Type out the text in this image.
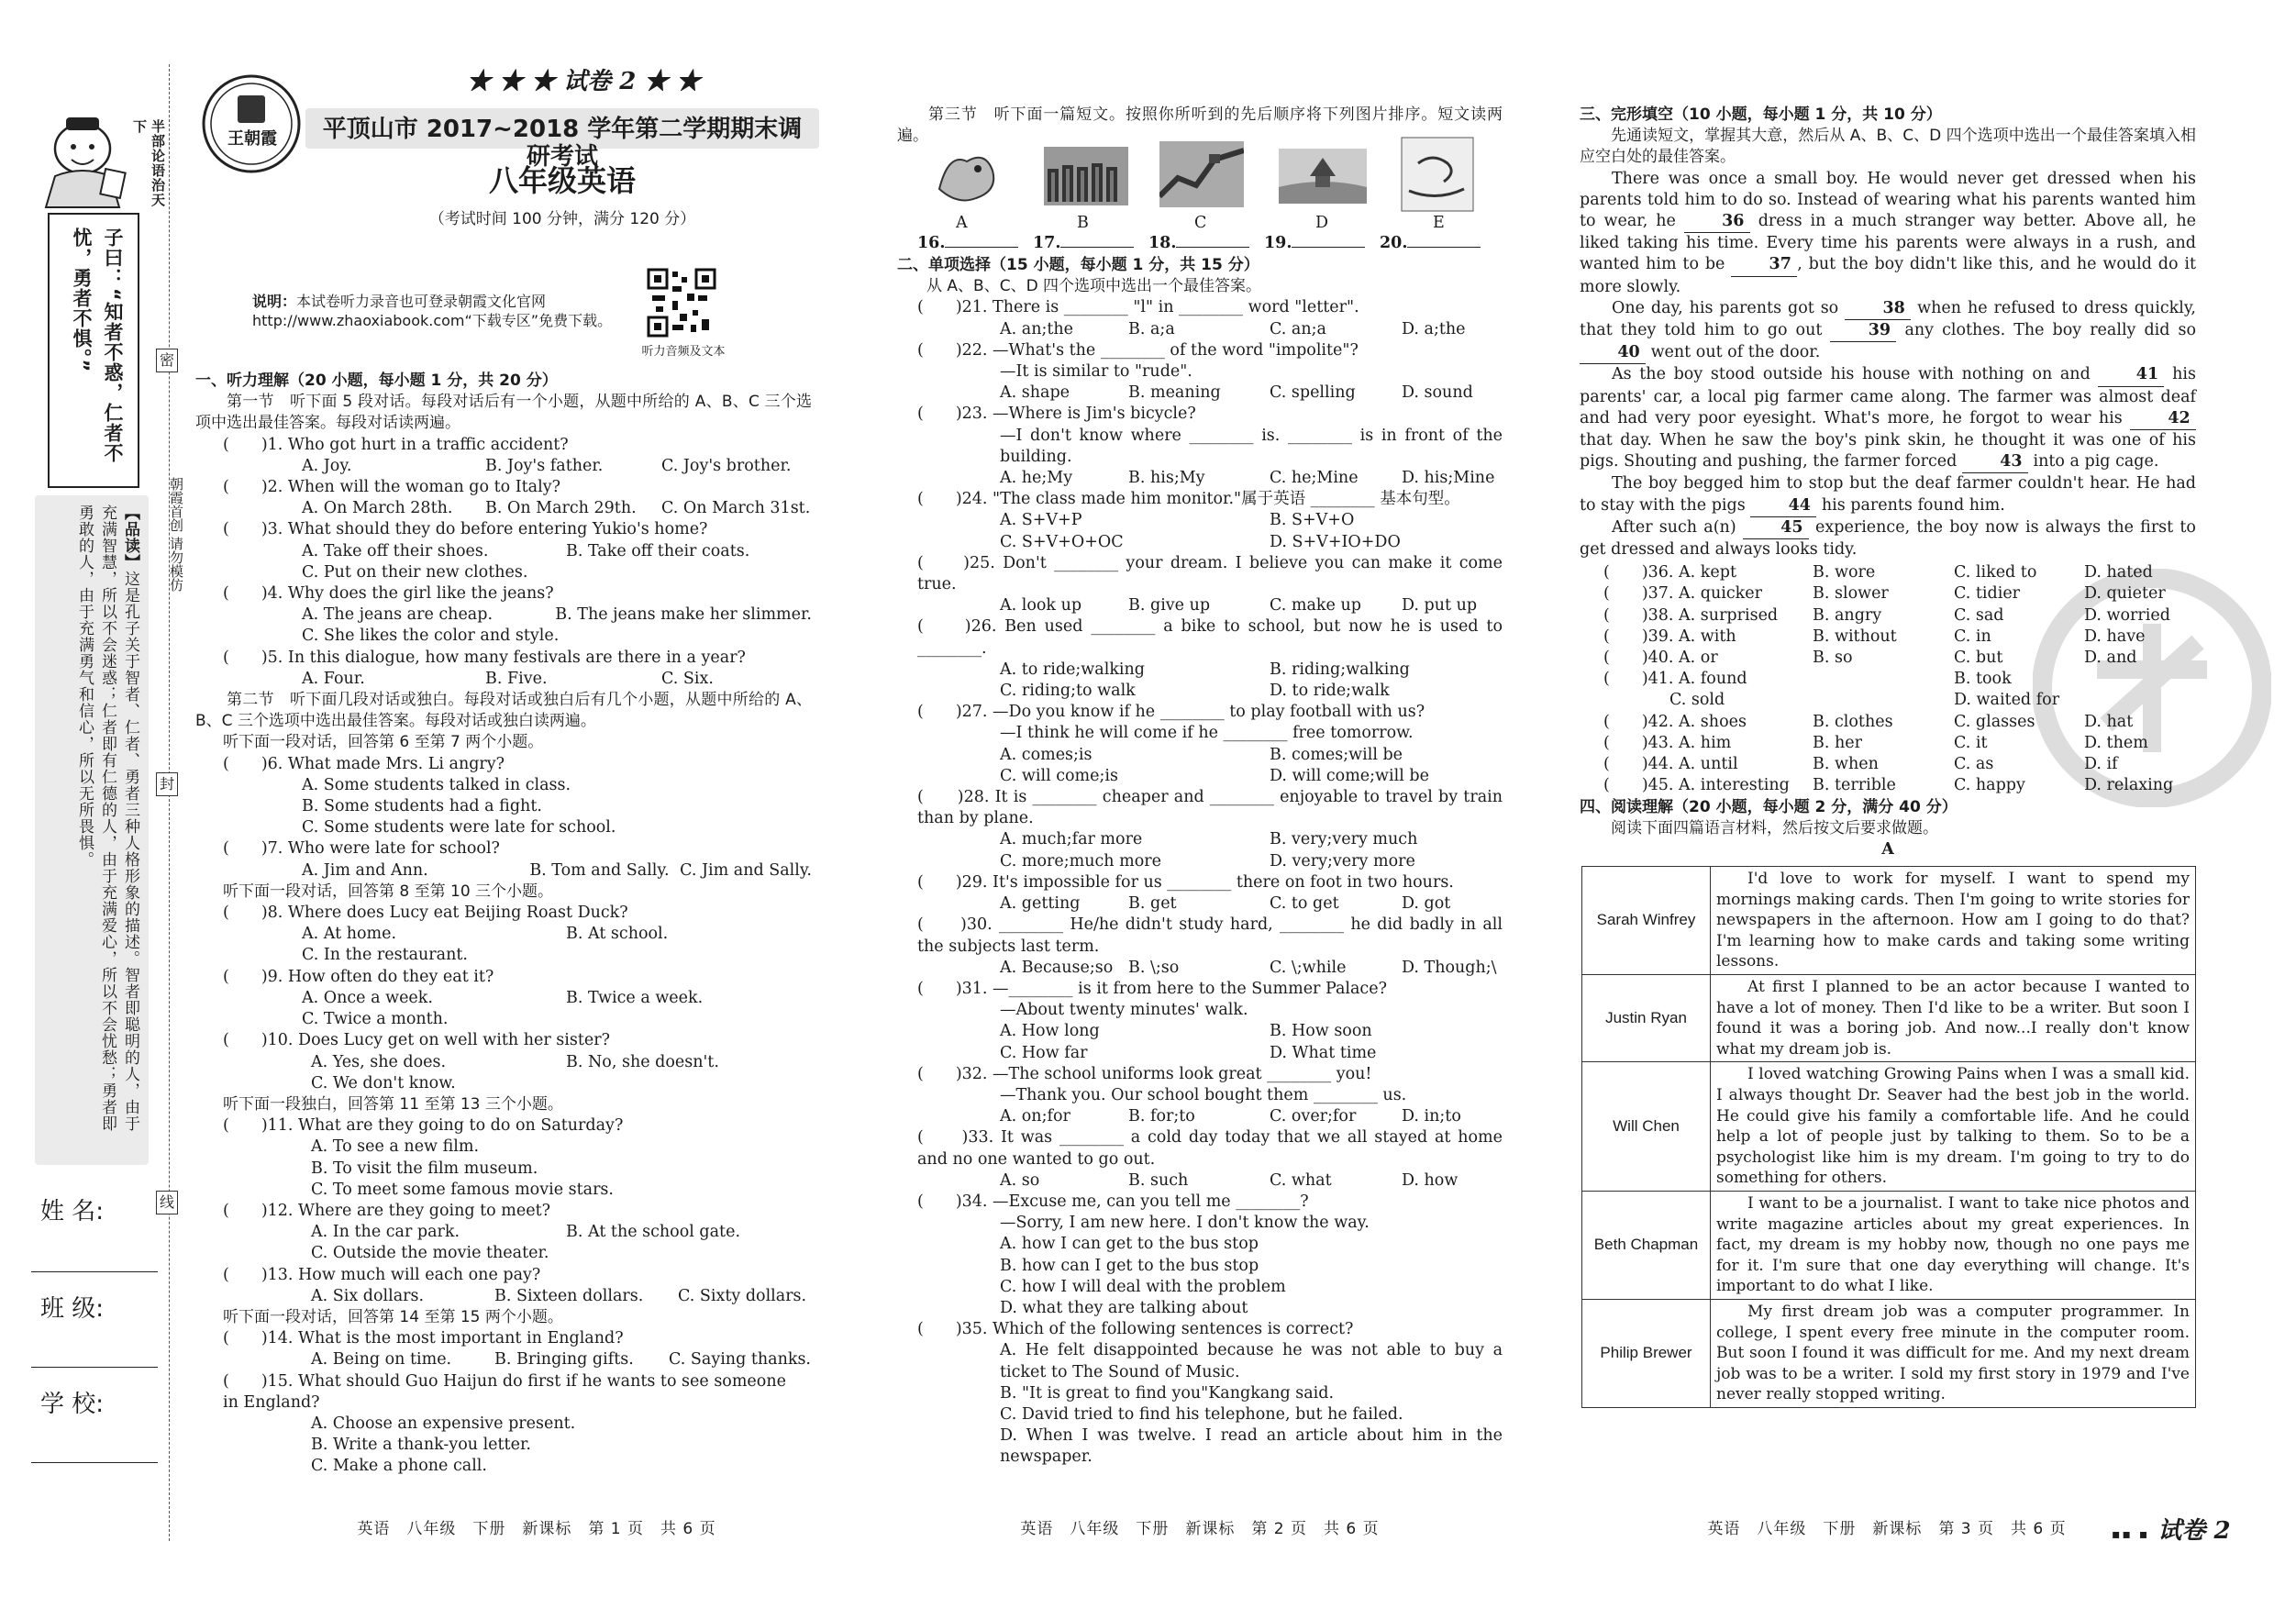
半部论语治天下
子曰：“知者不惑，仁者不忧，勇者不惧。”
【品读】这是孔子关于智者、仁者、勇者三种人格形象的描述。智者即聪明的人，由于充满智慧，所以不会迷惑；仁者即有仁德的人，由于充满爱心，所以不会忧愁；勇者即勇敢的人，由于充满勇气和信心，所以无所畏惧。
密
朝霞首创 请勿模仿
封
线
姓 名:
班 级:
学 校:
王朝霞
★ ★ ★ 试卷 2 ★ ★
平顶山市 2017~2018 学年第二学期期末调研考试
八年级英语
（考试时间 100 分钟，满分 120 分）
说明：本试卷听力录音也可登录朝霞文化官网 http://www.zhaoxiabook.com“下载专区”免费下载。
听力音频及文本
一、听力理解（20 小题，每小题 1 分，共 20 分）
第一节　听下面 5 段对话。每段对话后有一个小题，从题中所给的 A、B、C 三个选项中选出最佳答案。每段对话读两遍。
(　　)1. Who got hurt in a traffic accident?
A. Joy.	B. Joy's father.	C. Joy's brother.
(　　)2. When will the woman go to Italy?
A. On March 28th.	B. On March 29th.	C. On March 31st.
(　　)3. What should they do before entering Yukio's home?
A. Take off their shoes.	B. Take off their coats.
C. Put on their new clothes.
(　　)4. Why does the girl like the jeans?
A. The jeans are cheap.	B. The jeans make her slimmer.
C. She likes the color and style.
(　　)5. In this dialogue, how many festivals are there in a year?
A. Four.	B. Five.	C. Six.
第二节　听下面几段对话或独白。每段对话或独白后有几个小题，从题中所给的 A、B、C 三个选项中选出最佳答案。每段对话或独白读两遍。
听下面一段对话，回答第 6 至第 7 两个小题。
(　　)6. What made Mrs. Li angry?
A. Some students talked in class.
B. Some students had a fight.
C. Some students were late for school.
(　　)7. Who were late for school?
A. Jim and Ann.	B. Tom and Sally. C. Jim and Sally.
听下面一段对话，回答第 8 至第 10 三个小题。
(　　)8. Where does Lucy eat Beijing Roast Duck?
A. At home.	B. At school.
C. In the restaurant.
(　　)9. How often do they eat it?
A. Once a week.	B. Twice a week.
C. Twice a month.
(　　)10. Does Lucy get on well with her sister?
A. Yes, she does.	B. No, she doesn't.
C. We don't know.
听下面一段独白，回答第 11 至第 13 三个小题。
(　　)11. What are they going to do on Saturday?
A. To see a new film.
B. To visit the film museum.
C. To meet some famous movie stars.
(　　)12. Where are they going to meet?
A. In the car park.	B. At the school gate.
C. Outside the movie theater.
(　　)13. How much will each one pay?
A. Six dollars.	B. Sixteen dollars.	C. Sixty dollars.
听下面一段对话，回答第 14 至第 15 两个小题。
(　　)14. What is the most important in England?
A. Being on time.	B. Bringing gifts.	C. Saying thanks.
(　　)15. What should Guo Haijun do first if he wants to see someone in England?
A. Choose an expensive present.
B. Write a thank-you letter.
C. Make a phone call.
英语　八年级　下册　新课标　第 1 页　共 6 页
第三节　听下面一篇短文。按照你所听到的先后顺序将下列图片排序。短文读两遍。
A	B	C	D	E
16.	17.	18.	19.	20.
二、单项选择（15 小题，每小题 1 分，共 15 分）
从 A、B、C、D 四个选项中选出一个最佳答案。
(　　)21. There is ________ "l" in ________ word "letter".
A. an;the	B. a;a	C. an;a	D. a;the
(　　)22. —What's the ________ of the word "impolite"?
—It is similar to "rude".
A. shape	B. meaning	C. spelling	D. sound
(　　)23. —Where is Jim's bicycle?
—I don't know where ________ is. ________ is in front of the building.
A. he;My	B. his;My	C. he;Mine	D. his;Mine
(　　)24. "The class made him monitor."属于英语 ________ 基本句型。
A. S+V+P	B. S+V+O
C. S+V+O+OC	D. S+V+IO+DO
(　　)25. Don't ________ your dream. I believe you can make it come true.
A. look up	B. give up	C. make up	D. put up
(　　)26. Ben used ________ a bike to school, but now he is used to ________.
A. to ride;walking	B. riding;walking
C. riding;to walk	D. to ride;walk
(　　)27. —Do you know if he ________ to play football with us?
—I think he will come if he ________ free tomorrow.
A. comes;is	B. comes;will be
C. will come;is	D. will come;will be
(　　)28. It is ________ cheaper and ________ enjoyable to travel by train than by plane.
A. much;far more	B. very;very much
C. more;much more	D. very;very more
(　　)29. It's impossible for us ________ there on foot in two hours.
A. getting	B. get	C. to get	D. got
(　　)30. ________ He/he didn't study hard, ________ he did badly in all the subjects last term.
A. Because;so B. \;so	C. \;while	D. Though;\
(　　)31. —________ is it from here to the Summer Palace?
—About twenty minutes' walk.
A. How long	B. How soon
C. How far	D. What time
(　　)32. —The school uniforms look great ________ you!
—Thank you. Our school bought them ________ us.
A. on;for	B. for;to	C. over;for	D. in;to
(　　)33. It was ________ a cold day today that we all stayed at home and no one wanted to go out.
A. so	B. such	C. what	D. how
(　　)34. —Excuse me, can you tell me ________?
—Sorry, I am new here. I don't know the way.
A. how I can get to the bus stop
B. how can I get to the bus stop
C. how I will deal with the problem
D. what they are talking about
(　　)35. Which of the following sentences is correct?
A. He felt disappointed because he was not able to buy a ticket to The Sound of Music.
B. "It is great to find you"Kangkang said.
C. David tried to find his telephone, but he failed.
D. When I was twelve. I read an article about him in the newspaper.
英语　八年级　下册　新课标　第 2 页　共 6 页
三、完形填空（10 小题，每小题 1 分，共 10 分）
先通读短文，掌握其大意，然后从 A、B、C、D 四个选项中选出一个最佳答案填入相应空白处的最佳答案。
There was once a small boy. He would never get dressed when his parents told him to do so. Instead of wearing what his parents wanted him to wear, he	36 dress in a much stranger way better. Above all, he liked taking his time. Every time his parents were always in a rush, and wanted him to be	37 , but the boy didn't like this, and he would do it more slowly.
One day, his parents got so	38 when he refused to dress quickly, that they told him to go out	39 any clothes. The boy really did so 40 went out of the door.
As the boy stood outside his house with nothing on and	41 his parents' car, a local pig farmer came along. The farmer was almost deaf and had very poor eyesight. What's more, he forgot to wear his	42 that day. When he saw the boy's pink skin, he thought it was one of his pigs. Shouting and pushing, the farmer forced	43 into a pig cage.
The boy begged him to stop but the deaf farmer couldn't hear. He had to stay with the pigs	44 his parents found him.
After such a(n)	45 experience, the boy now is always the first to get dressed and always looks tidy.
(　　)36. A. kept	B. wore	C. liked to	D. hated
(　　)37. A. quicker	B. slower	C. tidier	D. quieter
(　　)38. A. surprised	B. angry	C. sad	D. worried
(　　)39. A. with	B. without	C. in	D. have
(　　)40. A. or	B. so	C. but	D. and
(　　)41. A. found	B. took
C. sold	D. waited for
(　　)42. A. shoes	B. clothes	C. glasses	D. hat
(　　)43. A. him	B. her	C. it	D. them
(　　)44. A. until	B. when	C. as	D. if
(　　)45. A. interesting	B. terrible	C. happy	D. relaxing
四、阅读理解（20 小题，每小题 2 分，满分 40 分）
阅读下面四篇语言材料，然后按文后要求做题。
A
Sarah Winfrey	I'd love to work for myself. I want to spend my mornings making cards. Then I'm going to write stories for newspapers in the afternoon. How am I going to do that? I'm learning how to make cards and taking some writing lessons.
Justin Ryan	At first I planned to be an actor because I wanted to have a lot of money. Then I'd like to be a writer. But soon I found it was a boring job. And now...I really don't know what my dream job is.
Will Chen	I loved watching Growing Pains when I was a small kid. I always thought Dr. Seaver had the best job in the world. He could give his family a comfortable life. And he could help a lot of people just by talking to them. So to be a psychologist like him is my dream. I'm going to try to do something for others.
Beth Chapman	I want to be a journalist. I want to take nice photos and write magazine articles about my great experiences. In fact, my dream is my hobby now, though no one pays me for it. I'm sure that one day everything will change. It's important to do what I like.
Philip Brewer	My first dream job was a computer programmer. In college, I spent every free minute in the computer room. But soon I found it was difficult for me. And my next dream job was to be a writer. I sold my first story in 1979 and I've never really stopped writing.
英语　八年级　下册　新课标　第 3 页　共 6 页	▪▪ ▪ 试卷 2
